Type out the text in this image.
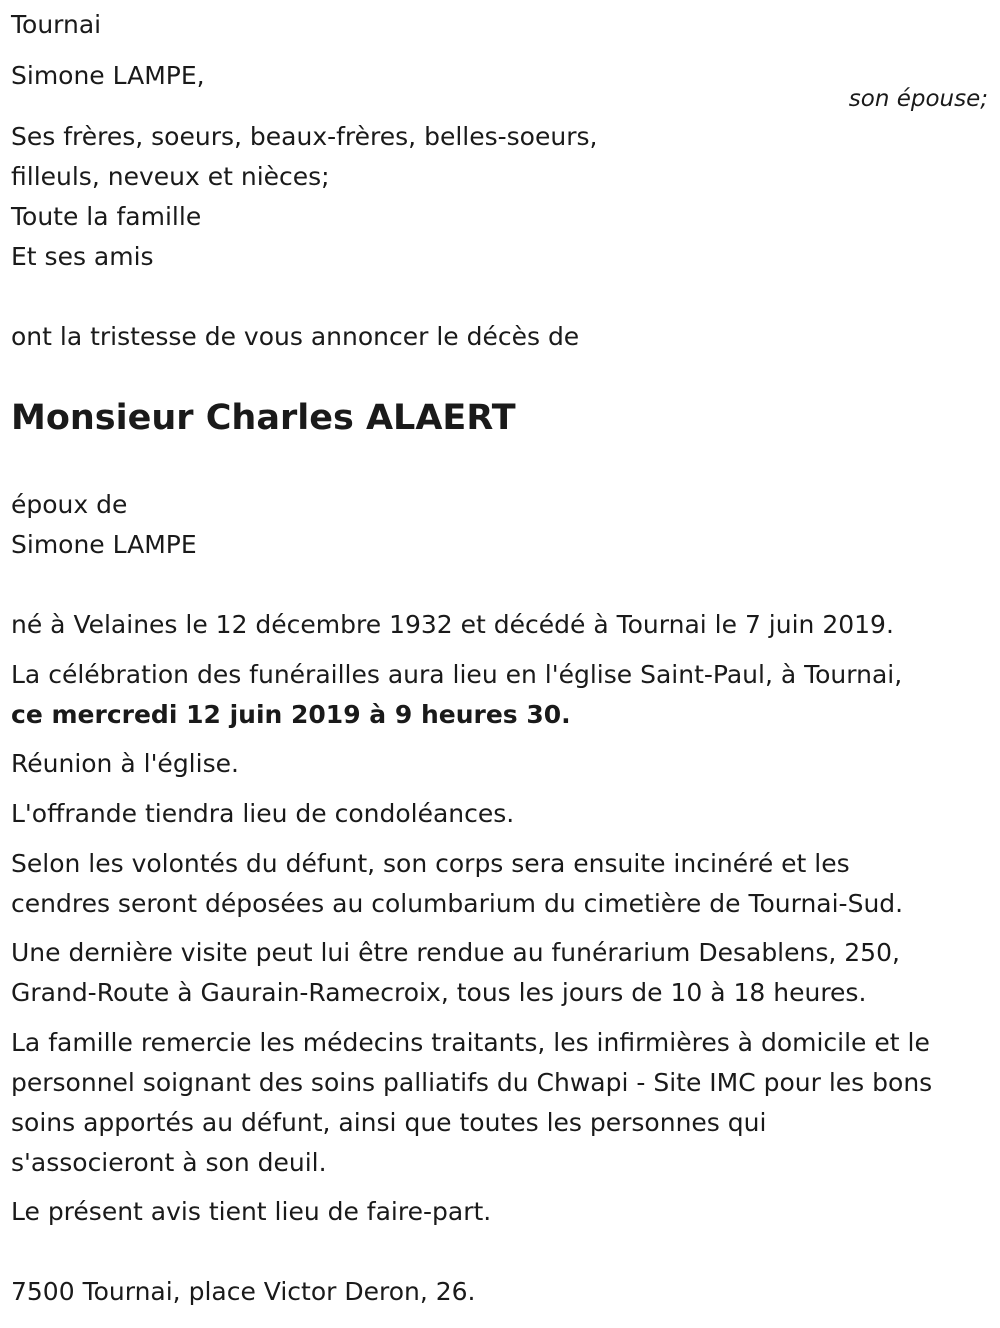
Tournai
Simone LAMPE,
son épouse;
Ses frères, soeurs, beaux-frères, belles-soeurs,
filleuls, neveux et nièces;
Toute la famille
Et ses amis
ont la tristesse de vous annoncer le décès de
Monsieur Charles ALAERT
époux de
Simone LAMPE
né à Velaines le 12 décembre 1932 et décédé à Tournai le 7 juin 2019.
La célébration des funérailles aura lieu en l'église Saint-Paul, à Tournai,
ce mercredi 12 juin 2019 à 9 heures 30.
Réunion à l'église.
L'offrande tiendra lieu de condoléances.
Selon les volontés du défunt, son corps sera ensuite incinéré et les
cendres seront déposées au columbarium du cimetière de Tournai-Sud.
Une dernière visite peut lui être rendue au funérarium Desablens, 250,
Grand-Route à Gaurain-Ramecroix, tous les jours de 10 à 18 heures.
La famille remercie les médecins traitants, les infirmières à domicile et le
personnel soignant des soins palliatifs du Chwapi - Site IMC pour les bons
soins apportés au défunt, ainsi que toutes les personnes qui
s'associeront à son deuil.
Le présent avis tient lieu de faire-part.
7500 Tournai, place Victor Deron, 26.
